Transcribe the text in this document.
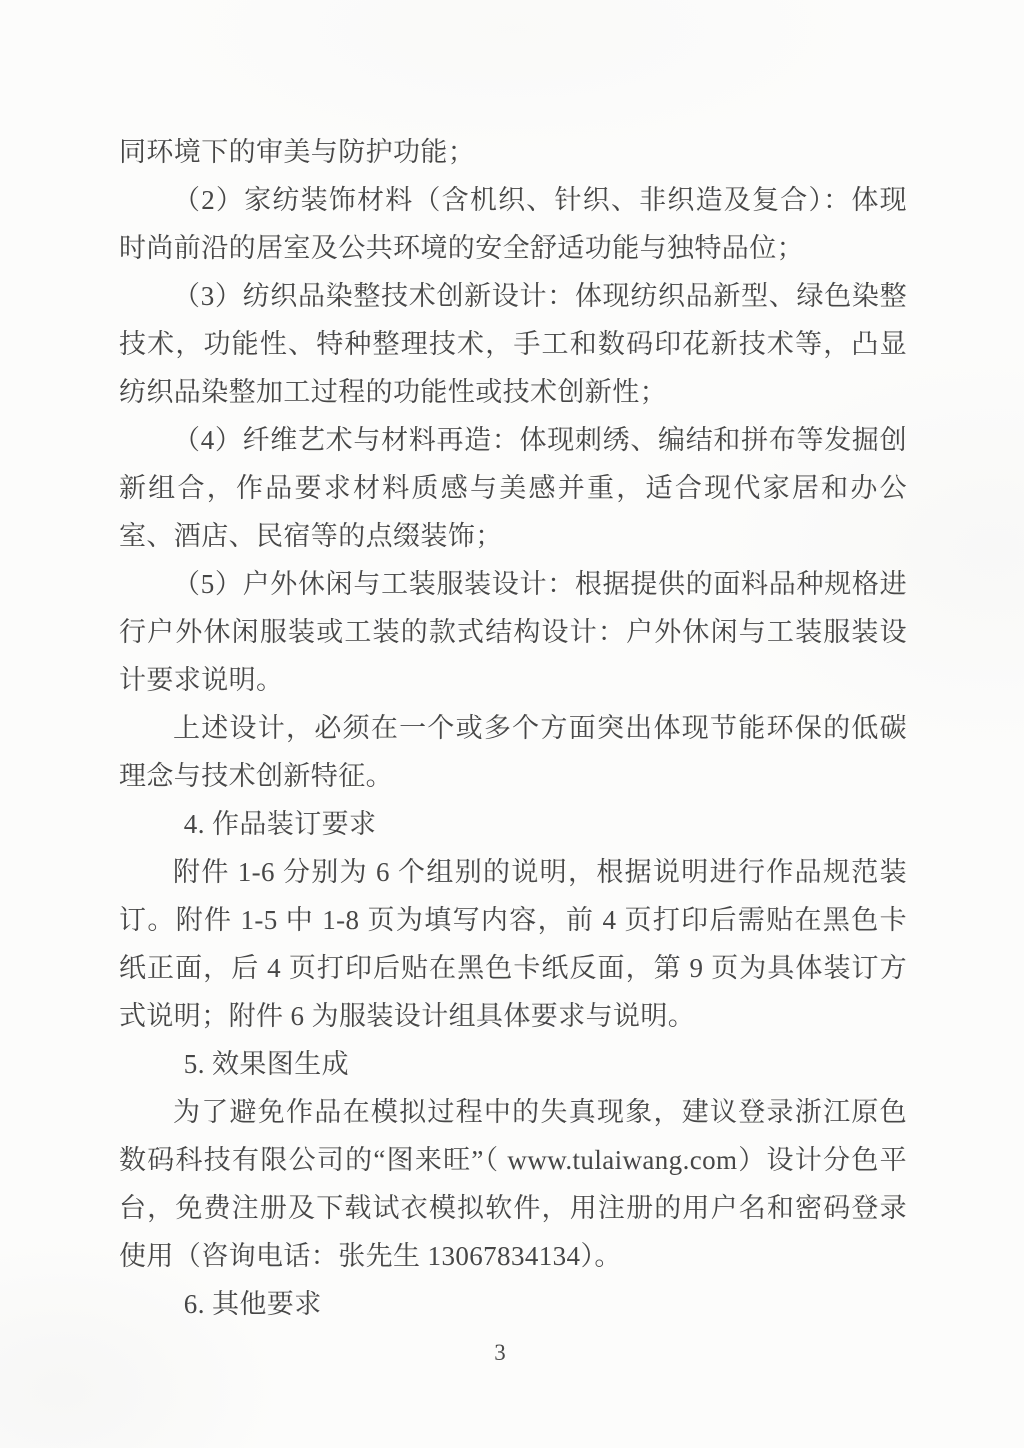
同环境下的审美与防护功能；

（2）家纺装饰材料（含机织、针织、非织造及复合）：体现时尚前沿的居室及公共环境的安全舒适功能与独特品位；

（3）纺织品染整技术创新设计：体现纺织品新型、绿色染整技术，功能性、特种整理技术，手工和数码印花新技术等，凸显纺织品染整加工过程的功能性或技术创新性；

（4）纤维艺术与材料再造：体现刺绣、编结和拼布等发掘创新组合，作品要求材料质感与美感并重，适合现代家居和办公室、酒店、民宿等的点缀装饰；

（5）户外休闲与工装服装设计：根据提供的面料品种规格进行户外休闲服装或工装的款式结构设计：户外休闲与工装服装设计要求说明。

上述设计，必须在一个或多个方面突出体现节能环保的低碳理念与技术创新特征。

4. 作品装订要求

附件 1-6 分别为 6 个组别的说明，根据说明进行作品规范装订。附件 1-5 中 1-8 页为填写内容，前 4 页打印后需贴在黑色卡纸正面，后 4 页打印后贴在黑色卡纸反面，第 9 页为具体装订方式说明；附件 6 为服装设计组具体要求与说明。

5. 效果图生成

为了避免作品在模拟过程中的失真现象，建议登录浙江原色数码科技有限公司的“图来旺”（ www.tulaiwang.com）设计分色平台，免费注册及下载试衣模拟软件，用注册的用户名和密码登录使用（咨询电话：张先生 13067834134）。

6. 其他要求

3
